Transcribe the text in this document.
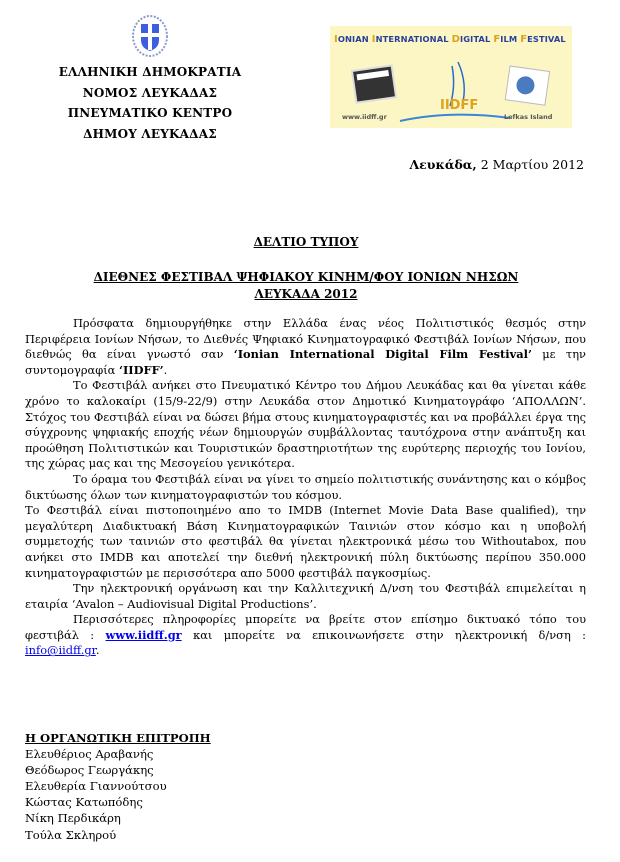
ΕΛΛΗΝΙΚΗ ΔΗΜΟΚΡΑΤΙΑ
ΝΟΜΟΣ ΛΕΥΚΑΔΑΣ
ΠΝΕΥΜΑΤΙΚΟ ΚΕΝΤΡΟ
ΔΗΜΟΥ ΛΕΥΚΑΔΑΣ
IONIAN INTERNATIONAL DIGITAL FILM FESTIVAL
IIDFF
www.iidff.gr	Lefkas Island
Λευκάδα, 2 Μαρτίου 2012
ΔΕΛΤΙΟ ΤΥΠΟΥ
ΔΙΕΘΝΕΣ ΦΕΣΤΙΒΑΛ ΨΗΦΙΑΚΟΥ ΚΙΝΗΜ/ΦΟΥ ΙΟΝΙΩΝ ΝΗΣΩΝ
ΛΕΥΚΑΔΑ 2012

Πρόσφατα δημιουργήθηκε στην Ελλάδα ένας νέος Πολιτιστικός θεσμός στην Περιφέρεια Ιονίων Νήσων, το Διεθνές Ψηφιακό Κινηματογραφικό Φεστιβάλ Ιονίων Νήσων, που διεθνώς θα είναι γνωστό σαν ‘Ionian International Digital Film Festival’ με την συντομογραφία ‘IIDFF’.

Το Φεστιβάλ ανήκει στο Πνευματικό Κέντρο του Δήμου Λευκάδας και θα γίνεται κάθε χρόνο το καλοκαίρι (15/9-22/9) στην Λευκάδα στον Δημοτικό Κινηματογράφο ‘ΑΠΟΛΛΩΝ’. Στόχος του Φεστιβάλ είναι να δώσει βήμα στους κινηματογραφιστές και να προβάλλει έργα της σύγχρονης ψηφιακής εποχής νέων δημιουργών συμβάλλοντας ταυτόχρονα στην ανάπτυξη και προώθηση Πολιτιστικών και Τουριστικών δραστηριοτήτων της ευρύτερης περιοχής του Ιονίου, της χώρας μας και της Μεσογείου γενικότερα.

Το όραμα του Φεστιβάλ είναι να γίνει το σημείο πολιτιστικής συνάντησης και ο κόμβος δικτύωσης όλων των κινηματογραφιστών του κόσμου.

Το Φεστιβάλ είναι πιστοποιημένο απο το IMDB (Internet Movie Data Base qualified), την μεγαλύτερη Διαδικτυακή Βάση Κινηματογραφικών Ταινιών στον κόσμο και η υποβολή συμμετοχής των ταινιών στο φεστιβάλ θα γίνεται ηλεκτρονικά μέσω του Withoutabox, που ανήκει στο IMDB και αποτελεί την διεθνή ηλεκτρονική πύλη δικτύωσης περίπου 350.000 κινηματογραφιστών με περισσότερα απο 5000 φεστιβάλ παγκοσμίως.

Την ηλεκτρονική οργάνωση και την Καλλιτεχνική Δ/νση του Φεστιβάλ επιμελείται η εταιρία ‘Avalon – Audiovisual Digital Productions’.

Περισσότερες πληροφορίες μπορείτε να βρείτε στον επίσημο δικτυακό τόπο του φεστιβάλ : www.iidff.gr και μπορείτε να επικοινωνήσετε στην ηλεκτρονική δ/νση : info@iidff.gr.

Η ΟΡΓΑΝΩΤΙΚΗ ΕΠΙΤΡΟΠΗ
Ελευθέριος Αραβανής
Θεόδωρος Γεωργάκης
Ελευθερία Γιαννούτσου
Κώστας Κατωπόδης
Νίκη Περδικάρη
Τούλα Σκληρού
